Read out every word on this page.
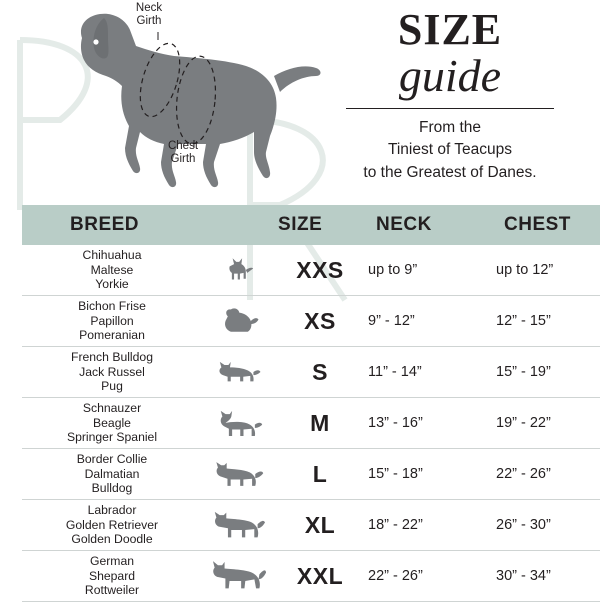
Neck
Girth
Chest
Girth
SIZE
guide
From the
Tiniest of Teacups
to the Greatest of Danes.
BREED		SIZE	NECK	CHEST

Chihuahua
Maltese
Yorkie		XXS	up to 9”	up to 12”

Bichon Frise
Papillon
Pomeranian		XS	9” - 12”	12” - 15”

French Bulldog
Jack Russel
Pug		S	11” - 14”	15” - 19”

Schnauzer
Beagle
Springer Spaniel		M	13” - 16”	19” - 22”

Border Collie
Dalmatian
Bulldog		L	15” - 18”	22” - 26”

Labrador
Golden Retriever
Golden Doodle		XL	18” - 22”	26” - 30”

German
Shepard
Rottweiler		XXL	22” - 26”	30” - 34”
